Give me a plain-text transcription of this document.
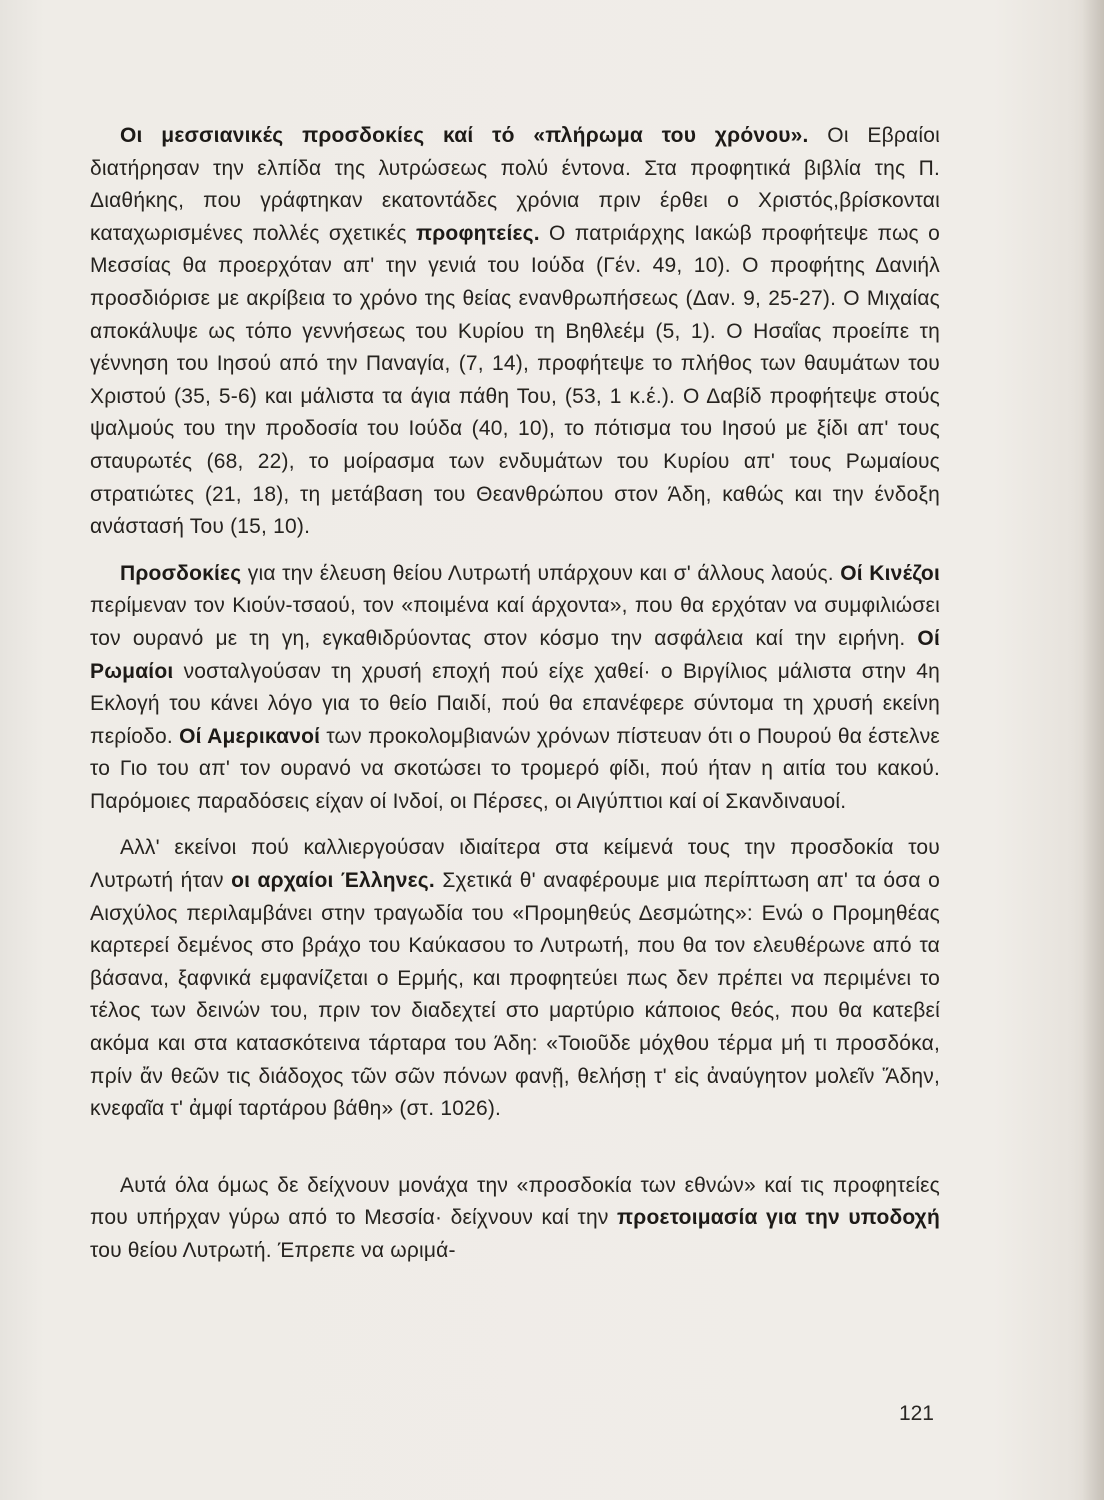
Οι μεσσιανικές προσδοκίες καί τό «πλήρωμα του χρόνου». Οι Εβραίοι διατήρησαν την ελπίδα της λυτρώσεως πολύ έντονα. Στα προφητικά βιβλία της Π. Διαθήκης, που γράφτηκαν εκατοντάδες χρόνια πριν έρθει ο Χριστός,βρίσκονται καταχωρισμένες πολλές σχετικές προφητείες. Ο πατριάρχης Ιακώβ προφήτεψε πως ο Μεσσίας θα προερχόταν απ' την γενιά του Ιούδα (Γέν. 49, 10). Ο προφήτης Δανιήλ προσδιόρισε με ακρίβεια το χρόνο της θείας ενανθρωπήσεως (Δαν. 9, 25-27). Ο Μιχαίας αποκάλυψε ως τόπο γεννήσεως του Κυρίου τη Βηθλεέμ (5, 1). Ο Ησαΐας προείπε τη γέννηση του Ιησού από την Παναγία, (7, 14), προφήτεψε το πλήθος των θαυμάτων του Χριστού (35, 5-6) και μάλιστα τα άγια πάθη Του, (53, 1 κ.έ.). Ο Δαβίδ προφήτεψε στούς ψαλμούς του την προδοσία του Ιούδα (40, 10), το πότισμα του Ιησού με ξίδι απ' τους σταυρωτές (68, 22), το μοίρασμα των ενδυμάτων του Κυρίου απ' τους Ρωμαίους στρατιώτες (21, 18), τη μετάβαση του Θεανθρώπου στον Άδη, καθώς και την ένδοξη ανάστασή Του (15, 10).

Προσδοκίες για την έλευση θείου Λυτρωτή υπάρχουν και σ' άλλους λαούς. Οί Κινέζοι περίμεναν τον Κιούν-τσαού, τον «ποιμένα καί άρχοντα», που θα ερχόταν να συμφιλιώσει τον ουρανό με τη γη, εγκαθιδρύοντας στον κόσμο την ασφάλεια καί την ειρήνη. Οί Ρωμαίοι νοσταλγούσαν τη χρυσή εποχή πού είχε χαθεί· ο Βιργίλιος μάλιστα στην 4η Εκλογή του κάνει λόγο για το θείο Παιδί, πού θα επανέφερε σύντομα τη χρυσή εκείνη περίοδο. Οί Αμερικανοί των προκολομβιανών χρόνων πίστευαν ότι ο Πουρού θα έστελνε το Γιο του απ' τον ουρανό να σκοτώσει το τρομερό φίδι, πού ήταν η αιτία του κακού. Παρόμοιες παραδόσεις είχαν οί Ινδοί, οι Πέρσες, οι Αιγύπτιοι καί οί Σκανδιναυοί.

Αλλ' εκείνοι πού καλλιεργούσαν ιδιαίτερα στα κείμενά τους την προσδοκία του Λυτρωτή ήταν οι αρχαίοι Έλληνες. Σχετικά θ' αναφέρουμε μια περίπτωση απ' τα όσα ο Αισχύλος περιλαμβάνει στην τραγωδία του «Προμηθεύς Δεσμώτης»: Ενώ ο Προμηθέας καρτερεί δεμένος στο βράχο του Καύκασου το Λυτρωτή, που θα τον ελευθέρωνε από τα βάσανα, ξαφνικά εμφανίζεται ο Ερμής, και προφητεύει πως δεν πρέπει να περιμένει το τέλος των δεινών του, πριν τον διαδεχτεί στο μαρτύριο κάποιος θεός, που θα κατεβεί ακόμα και στα κατασκότεινα τάρταρα του Άδη: «Τοιοῦδε μόχθου τέρμα μή τι προσδόκα, πρίν ἄν θεῶν τις διάδοχος τῶν σῶν πόνων φανῇ, θελήσῃ τ' εἰς ἀναύγητον μολεῖν Ἅδην, κνεφαῖα τ' ἀμφί ταρτάρου βάθη» (στ. 1026).

Αυτά όλα όμως δε δείχνουν μονάχα την «προσδοκία των εθνών» καί τις προφητείες που υπήρχαν γύρω από το Μεσσία· δείχνουν καί την προετοιμασία για την υποδοχή του θείου Λυτρωτή. Έπρεπε να ωριμά-

121
